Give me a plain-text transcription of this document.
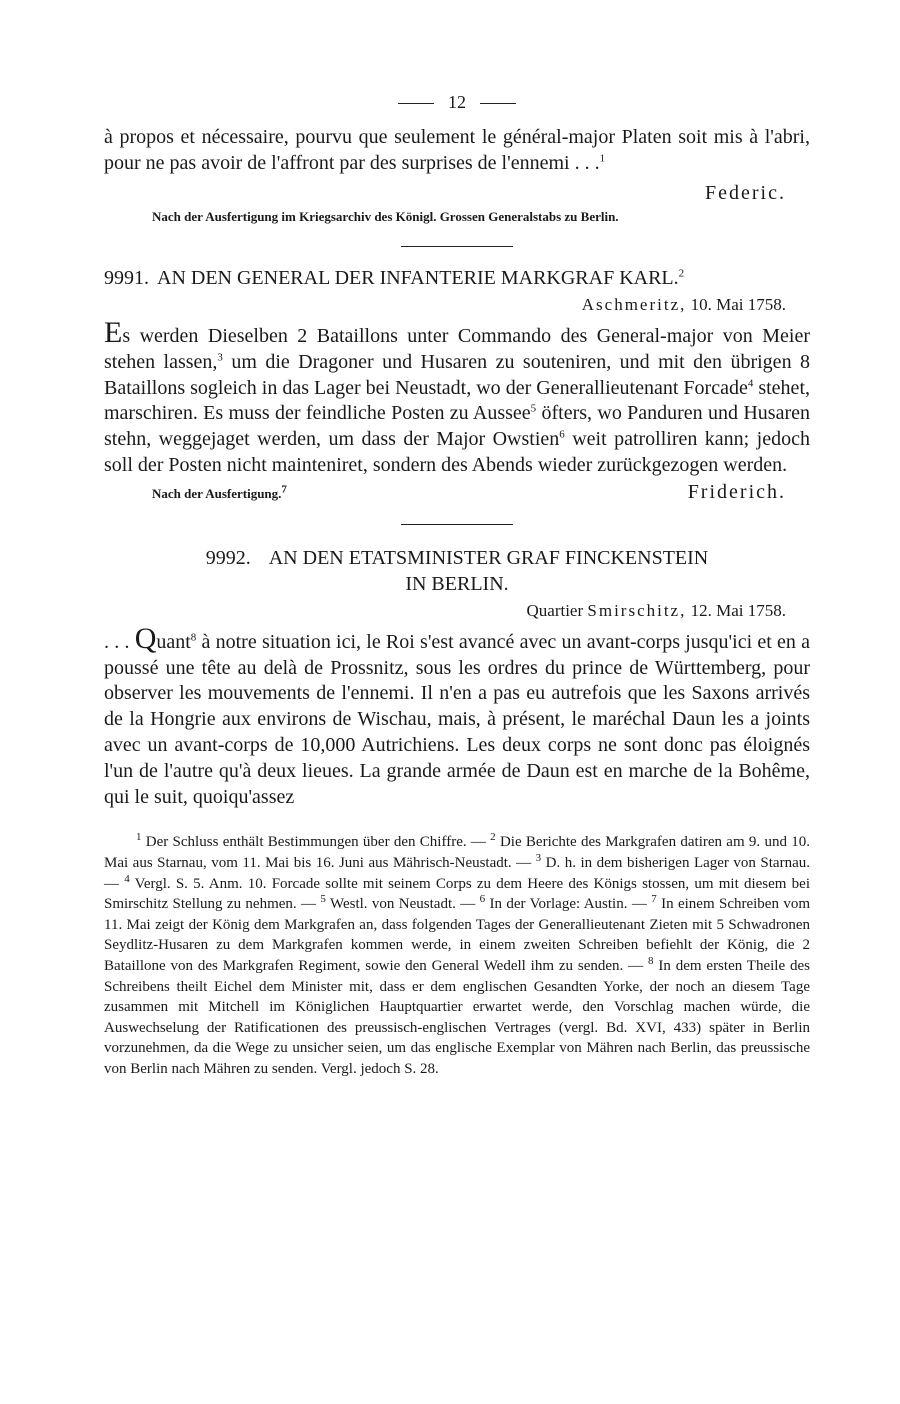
12

à propos et nécessaire, pourvu que seulement le général-major Platen soit mis à l'abri, pour ne pas avoir de l'affront par des surprises de l'ennemi . . .$^1$

Federic.
Nach der Ausfertigung im Kriegsarchiv des Königl. Grossen Generalstabs zu Berlin.
9991. AN DEN GENERAL DER INFANTERIE MARKGRAF KARL.$^2$
Aschmeritz, 10. Mai 1758.

Es werden Dieselben 2 Bataillons unter Commando des General-major von Meier stehen lassen,$^3$ um die Dragoner und Husaren zu souteniren, und mit den übrigen 8 Bataillons sogleich in das Lager bei Neustadt, wo der Generallieutenant Forcade$^4$ stehet, marschiren. Es muss der feindliche Posten zu Aussee$^5$ öfters, wo Panduren und Husaren stehn, weggejaget werden, um dass der Major Owstien$^6$ weit patrolliren kann; jedoch soll der Posten nicht mainteniret, sondern des Abends wieder zurückgezogen werden.

Nach der Ausfertigung.$^7$	Friderich.
9992. AN DEN ETATSMINISTER GRAF FINCKENSTEIN
IN BERLIN.
Quartier Smirschitz, 12. Mai 1758.

. . . Quant$^8$ à notre situation ici, le Roi s'est avancé avec un avant-corps jusqu'ici et en a poussé une tête au delà de Prossnitz, sous les ordres du prince de Württemberg, pour observer les mouvements de l'ennemi. Il n'en a pas eu autrefois que les Saxons arrivés de la Hongrie aux environs de Wischau, mais, à présent, le maréchal Daun les a joints avec un avant-corps de 10,000 Autrichiens. Les deux corps ne sont donc pas éloignés l'un de l'autre qu'à deux lieues. La grande armée de Daun est en marche de la Bohême, qui le suit, quoiqu'assez

$^1$ Der Schluss enthält Bestimmungen über den Chiffre. — $^2$ Die Berichte des Markgrafen datiren am 9. und 10. Mai aus Starnau, vom 11. Mai bis 16. Juni aus Mährisch-Neustadt. — $^3$ D. h. in dem bisherigen Lager von Starnau. — $^4$ Vergl. S. 5. Anm. 10. Forcade sollte mit seinem Corps zu dem Heere des Königs stossen, um mit diesem bei Smirschitz Stellung zu nehmen. — $^5$ Westl. von Neustadt. — $^6$ In der Vorlage: Austin. — $^7$ In einem Schreiben vom 11. Mai zeigt der König dem Markgrafen an, dass folgenden Tages der Generallieutenant Zieten mit 5 Schwadronen Seydlitz-Husaren zu dem Markgrafen kommen werde, in einem zweiten Schreiben befiehlt der König, die 2 Bataillone von des Markgrafen Regiment, sowie den General Wedell ihm zu senden. — $^8$ In dem ersten Theile des Schreibens theilt Eichel dem Minister mit, dass er dem englischen Gesandten Yorke, der noch an diesem Tage zusammen mit Mitchell im Königlichen Hauptquartier erwartet werde, den Vorschlag machen würde, die Auswechselung der Ratificationen des preussisch-englischen Vertrages (vergl. Bd. XVI, 433) später in Berlin vorzunehmen, da die Wege zu unsicher seien, um das englische Exemplar von Mähren nach Berlin, das preussische von Berlin nach Mähren zu senden. Vergl. jedoch S. 28.
